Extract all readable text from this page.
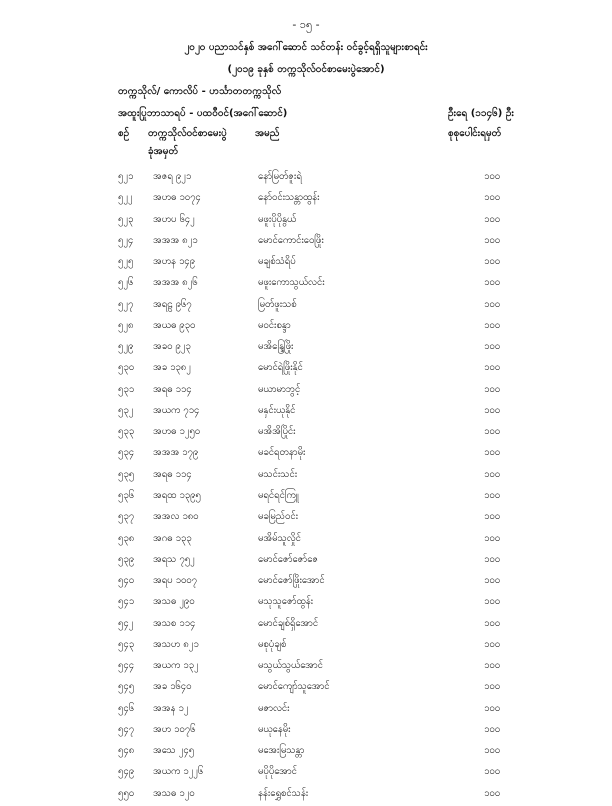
- ၁၅ -
၂၀၂၀ ပညာသင်နှစ် အဂေါ်ဆောင် သင်တန်း ဝင်ခွင့်ရရှိသူများစာရင်း
(၂၀၁၉ ခုနှစ် တက္ကသိုလ်ဝင်စာမေးပွဲအောင်)
တက္ကသိုလ်/ ကောလိပ် - ဟင်္သာတတက္ကသိုလ်
အထူးပြုဘာသာရပ် - ပထဝီဝင်(အဂေါ်ဆောင်)	ဦးရေ (၁၁၄၆) ဦး
စဉ် တက္ကသိုလ်ဝင်စာမေးပွဲ
ခုံအမှတ်
အမည်	စုစုပေါင်းရမှတ်
၅၂၁ အဇရ ၉၂၁	နော်မြတ်ဇူးရဲ	၁၀၀
၅၂၂ အဟဓ ၁၀၇၄	နော်ဝင်းသန္တာထွန်း	၁၀၀
၅၂၃ အဟပ ၆၄၂	မဖူးပိုပိုနွယ်	၁၀၀
၅၂၄ အအအ ၈၂၁	မောင်ကောင်းဝေဖြိုး	၁၀၀
၅၂၅ အဟန ၁၄၉	မချစ်သံရိပ်	၁၀၀
၅၂၆ အအအ ၈၂၆	မဖူးကောသွယ်လင်း	၁၀၀
၅၂၇ အရဠ ၉၆၇	မြတ်ဖူးသစ်	၁၀၀
၅၂၈ အယဓ ၉၃၀	မဝင်းစန္ဒာ	၁၀၀
၅၂၉ အခဝ ၉၂၃	မအိန္ဒြေဖြိုး	၁၀၀
၅၃၀ အခ ၁၃၈၂	မောင်ရဲဖြိုးနိုင်	၁၀၀
၅၃၁ အရဓ ၁၁၄	မယာမာဘွင့်	၁၀၀
၅၃၂ အယက ၇၁၄	မနှင်းယုနိုင်	၁၀၀
၅၃၃ အဟဓ ၁၂၅၀	မအိအိပြိုင်း	၁၀၀
၅၃၄ အအအ ၁၇၉	မခင်ရတနာမိုး	၁၀၀
၅၃၅ အရဓ ၁၁၄	မသင်းသင်း	၁၀၀
၅၃၆ အရထ ၁၃၉၅	မရင်ရင်ကြူ	၁၀၀
၅၃၇ အအလ ၁၈၀	မခမြည်ဝင်း	၁၀၀
၅၃၈ အဂဓ ၁၃၃	မအိမ်သူလှိုင်	၁၀၀
၅၃၉ အရသ ၇၅၂	မောင်ဇော်ဇော်ဇေ	၁၀၀
၅၄၀ အရပ ၁၀၀၇	မောင်ဇော်ဖြိုးအောင်	၁၀၀
၅၄၁ အသဓ ၂၉၀	မသုသူဇော်ထွန်း	၁၀၀
၅၄၂ အသစ ၁၁၄	မောင်ချစ်ရှိအောင်	၁၀၀
၅၄၃ အသဟ ၈၂၁	မစုပုံချစ်	၁၀၀
၅၄၄ အယက ၁၃၂	မသွယ်သွယ်အောင်	၁၀၀
၅၄၅ အခ ၁၆၄၀	မောင်ကျော်သူအောင်	၁၀၀
၅၄၆ အအန ၁၂	မဇာလင်း	၁၀၀
၅၄၇ အဟ ၁၀၇၆	မယုနေမိုး	၁၀၀
၅၄၈ အသေ ၂၄၅	မအေးမြသန္တာ	၁၀၀
၅၄၉ အယက ၁၂၂၆	မပိုပိုအောင်	၁၀၀
၅၅၀ အသဓ ၁၂၀	နန်းရွှေစင်သန်း	၁၀၀
